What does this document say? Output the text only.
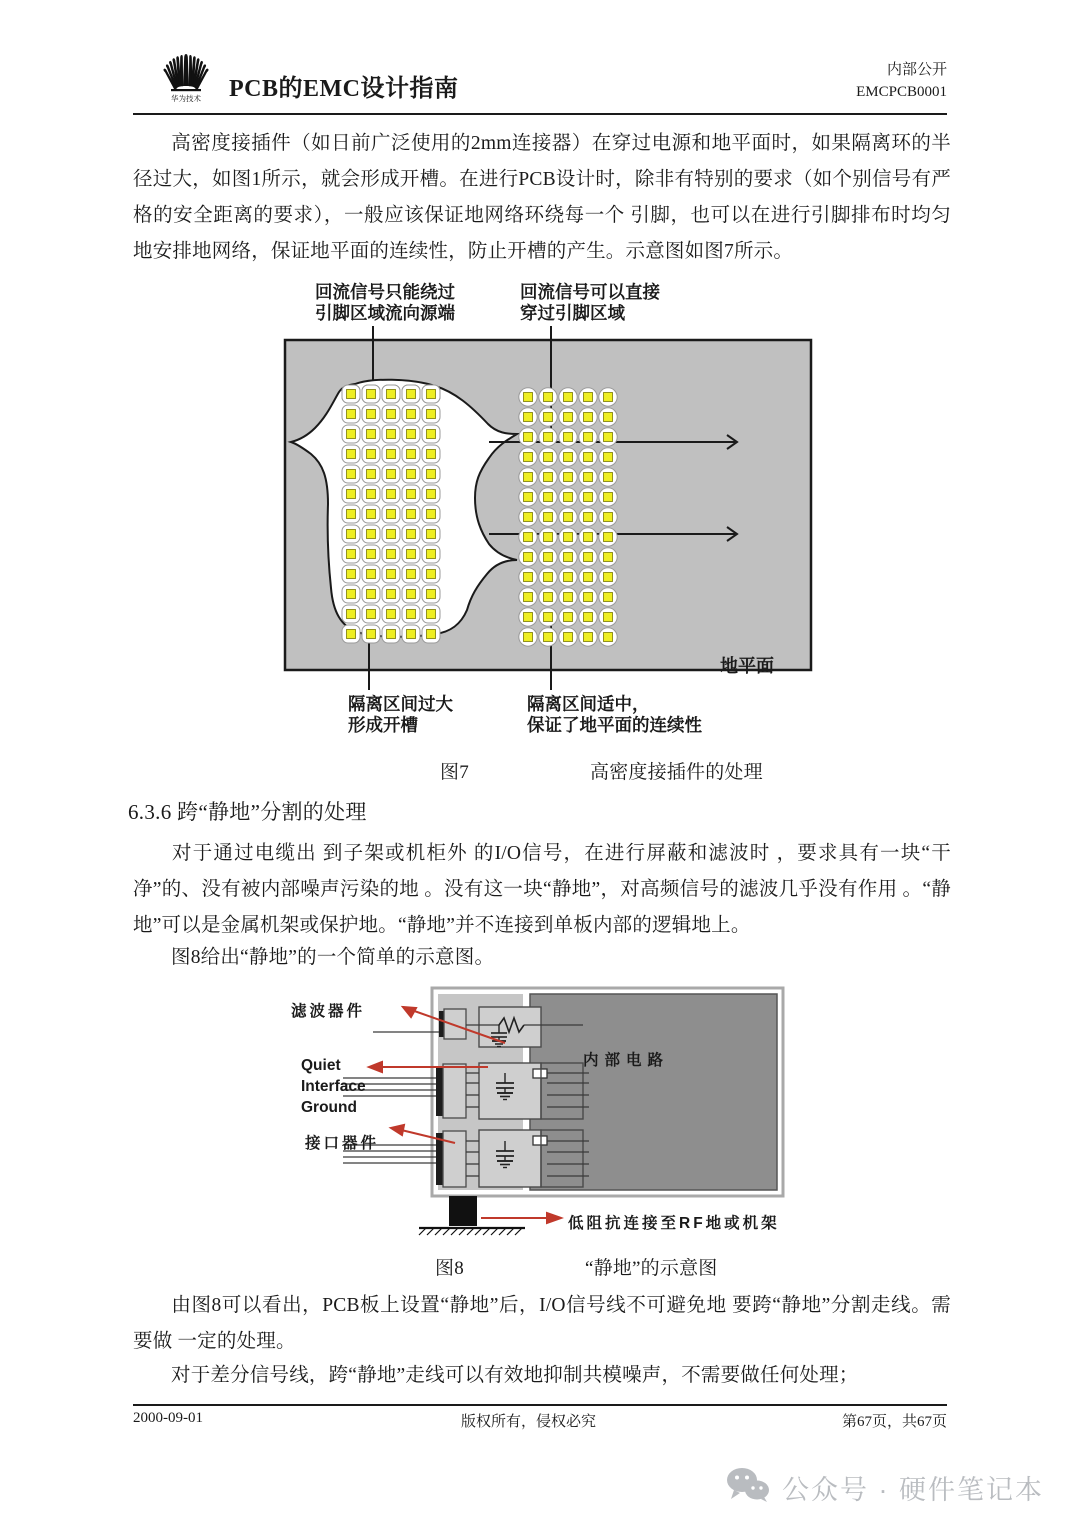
华为技术 PCB的EMC设计指南
内部公开
EMCPCB0001
高密度接插件（如日前广泛使用的2mm连接器）在穿过电源和地平面时，如果隔离环的半径过大，如图1所示，就会形成开槽。在进行PCB设计时，除非有特别的要求（如个别信号有严格的安全距离的要求），一般应该保证地网络环绕每一个 引脚，也可以在进行引脚排布时均匀地安排地网络，保证地平面的连续性，防止开槽的产生。示意图如图7所示。
回流信号只能绕过
引脚区域流向源端
回流信号可以直接
穿过引脚区域
隔离区间过大
形成开槽
隔离区间适中，
保证了地平面的连续性
地平面
图7	高密度接插件的处理
6.3.6 跨“静地”分割的处理
对于通过电缆出 到子架或机柜外 的I/O信号，在进行屏蔽和滤波时 ，要求具有一块“干净”的、没有被内部噪声污染的地 。没有这一块“静地”，对高频信号的滤波几乎没有作用 。“静地”可以是金属机架或保护地。“静地”并不连接到单板内部的逻辑地上。
图8给出“静地”的一个简单的示意图。
滤波器件
Quiet
Interface
Ground
接口器件
内部电路
低阻抗连接至RF地或机架
图8	“静地”的示意图
由图8可以看出，PCB板上设置“静地”后，I/O信号线不可避免地 要跨“静地”分割走线。需要做 一定的处理。
对于差分信号线，跨“静地”走线可以有效地抑制共模噪声，不需要做任何处理；
2000-09-01	版权所有，侵权必究	第67页，共67页
公众号 · 硬件笔记本
